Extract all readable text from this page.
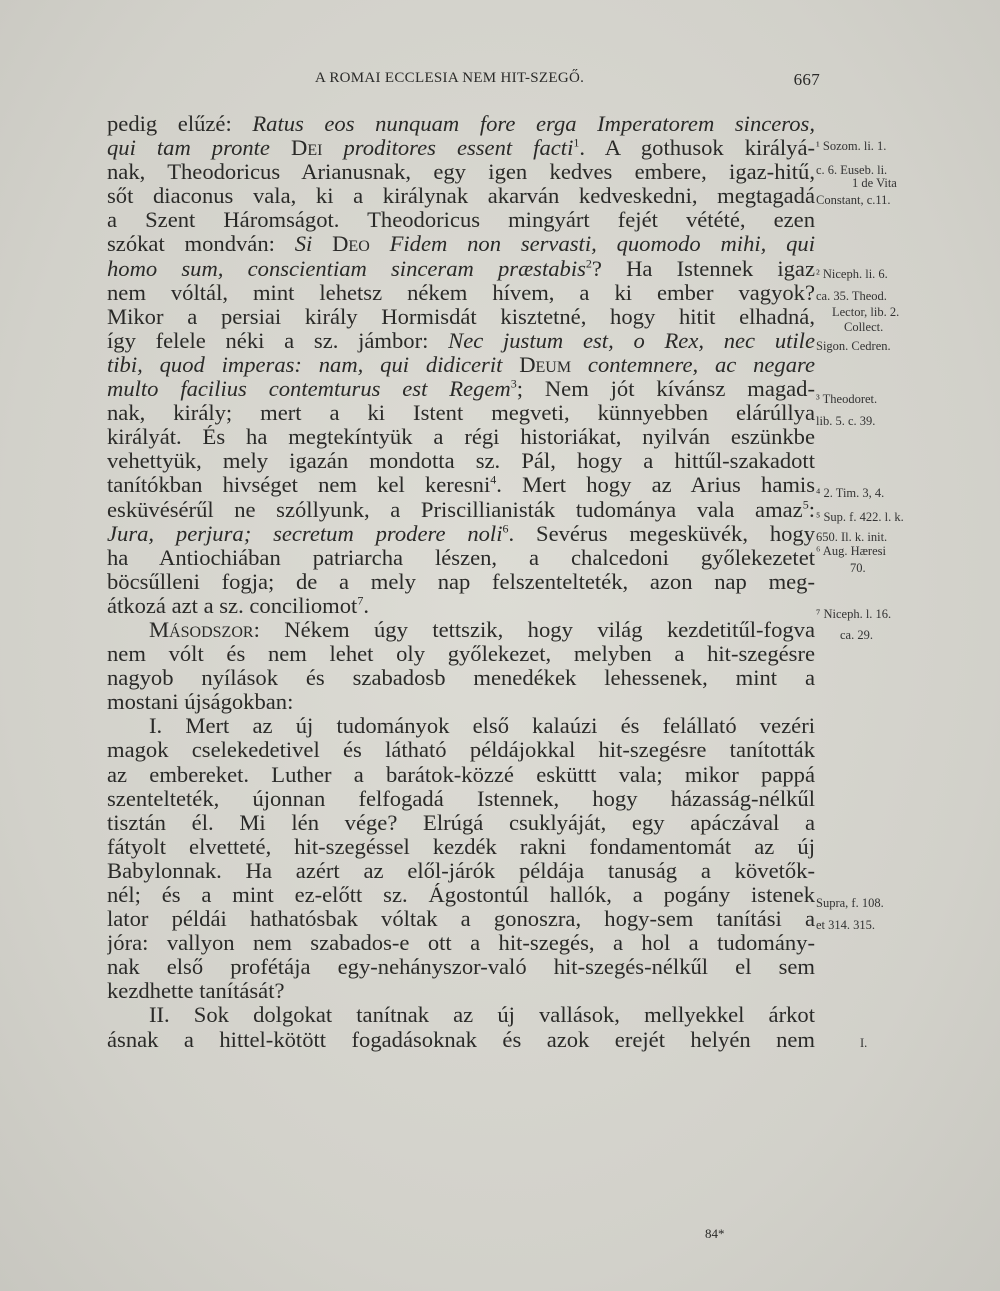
A ROMAI ECCLESIA NEM HIT-SZEGŐ.	667
pedig elűzé: Ratus eos nunquam fore erga Imperatorem sinceros,
qui tam pronte Dei proditores essent facti$^1$. A gothusok királyá-
nak, Theodoricus Arianusnak, egy igen kedves embere, igaz-hitű,
sőt diaconus vala, ki a királynak akarván kedveskedni, megtagadá
a Szent Háromságot. Theodoricus mingyárt fejét vétété, ezen
szókat mondván: Si Deo Fidem non servasti, quomodo mihi, qui
homo sum, conscientiam sinceram præstabis$^2$? Ha Istennek igaz
nem vóltál, mint lehetsz nékem hívem, a ki ember vagyok?
Mikor a persiai király Hormisdát kisztetné, hogy hitit elhadná,
így felele néki a sz. jámbor: Nec justum est, o Rex, nec utile
tibi, quod imperas: nam, qui didicerit Deum contemnere, ac negare
multo facilius contemturus est Regem$^3$; Nem jót kívánsz magad-
nak, király; mert a ki Istent megveti, künnyebben elárúllya
királyát. És ha megtekíntyük a régi historiákat, nyilván eszünkbe
vehettyük, mely igazán mondotta sz. Pál, hogy a hittűl-szakadott
tanítókban hivséget nem kel keresni$^4$. Mert hogy az Arius hamis
esküvésérűl ne szóllyunk, a Priscillianisták tudománya vala amaz$^5$:
Jura, perjura; secretum prodere noli$^6$. Sevérus megesküvék, hogy
ha Antiochiában patriarcha lészen, a chalcedoni győlekezetet
böcsűlleni fogja; de a mely nap felszentelteték, azon nap meg-
átkozá azt a sz. conciliomot$^7$.
Másodszor: Nékem úgy tettszik, hogy világ kezdetitűl-fogva
nem vólt és nem lehet oly győlekezet, melyben a hit-szegésre
nagyob nyílások és szabadosb menedékek lehessenek, mint a
mostani újságokban:
I. Mert az új tudományok első kalaúzi és felállató vezéri
magok cselekedetivel és látható példájokkal hit-szegésre tanították
az embereket. Luther a barátok-közzé esküttt vala; mikor pappá
szentelteték, újonnan felfogadá Istennek, hogy házasság-nélkűl
tisztán él. Mi lén vége? Elrúgá csuklyáját, egy apáczával a
fátyolt elvetteté, hit-szegéssel kezdék rakni fondamentomát az új
Babylonnak. Ha azért az elől-járók példája tanuság a követők-
nél; és a mint ez-előtt sz. Ágostontúl hallók, a pogány istenek
lator példái hathatósbak vóltak a gonoszra, hogy-sem tanítási a
jóra: vallyon nem szabados-e ott a hit-szegés, a hol a tudomány-
nak első profétája egy-nehányszor-való hit-szegés-nélkűl el sem
kezdhette tanítását?
II. Sok dolgokat tanítnak az új vallások, mellyekkel árkot
ásnak a hittel-kötött fogadásoknak és azok erejét helyén nem
¹ Sozom. li. 1.
c. 6. Euseb. li.
1 de Vita
Constant, c.11.
² Niceph. li. 6.
ca. 35. Theod.
Lector, lib. 2.
Collect.
Sigon. Cedren.
³ Theodoret.
lib. 5. c. 39.
⁴ 2. Tim. 3, 4.
⁵ Sup. f. 422. l. k.
650. Il. k. init.
⁶ Aug. Hæresi
70.
⁷ Niceph. l. 16.
ca. 29.
Supra, f. 108.
et 314. 315.
I.
84*
